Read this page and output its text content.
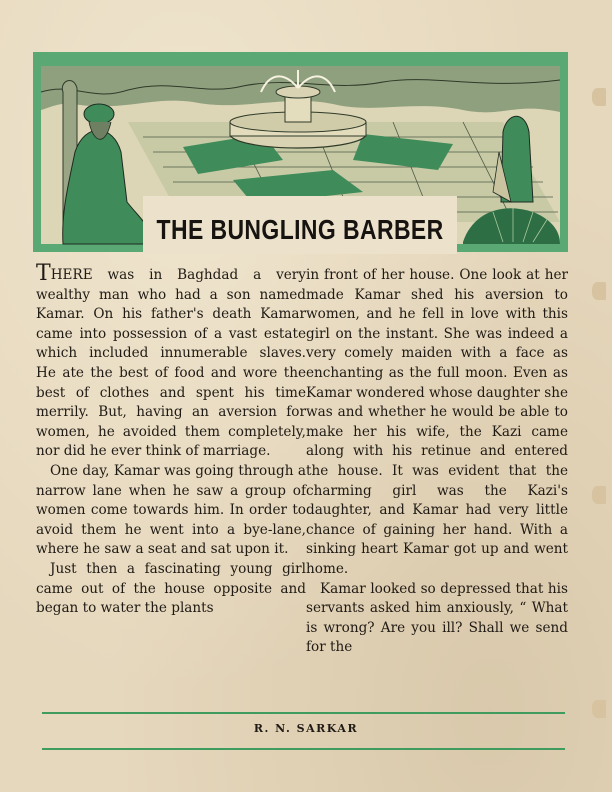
THE BUNGLING BARBER

THERE was in Baghdad a very wealthy man who had a son named Kamar. On his father's death Kamar came into possession of a vast estate which included innumerable slaves. He ate the best of food and wore the best of clothes and spent his time merrily. But, having an aversion for women, he avoided them completely, nor did he ever think of marriage.

One day, Kamar was going through a narrow lane when he saw a group of women come towards him. In order to avoid them he went into a bye-lane, where he saw a seat and sat upon it.

Just then a fascinating young girl came out of the house opposite and began to water the plants

in front of her house. One look at her made Kamar shed his aversion to women, and he fell in love with this girl on the instant. She was indeed a very comely maiden with a face as enchanting as the full moon. Even as Kamar wondered whose daughter she was and whether he would be able to make her his wife, the Kazi came along with his retinue and entered the house. It was evident that the charming girl was the Kazi's daughter, and Kamar had very little chance of gaining her hand. With a sinking heart Kamar got up and went home.

Kamar looked so depressed that his servants asked him anxiously, “ What is wrong? Are you ill? Shall we send for the

R. N. SARKAR
